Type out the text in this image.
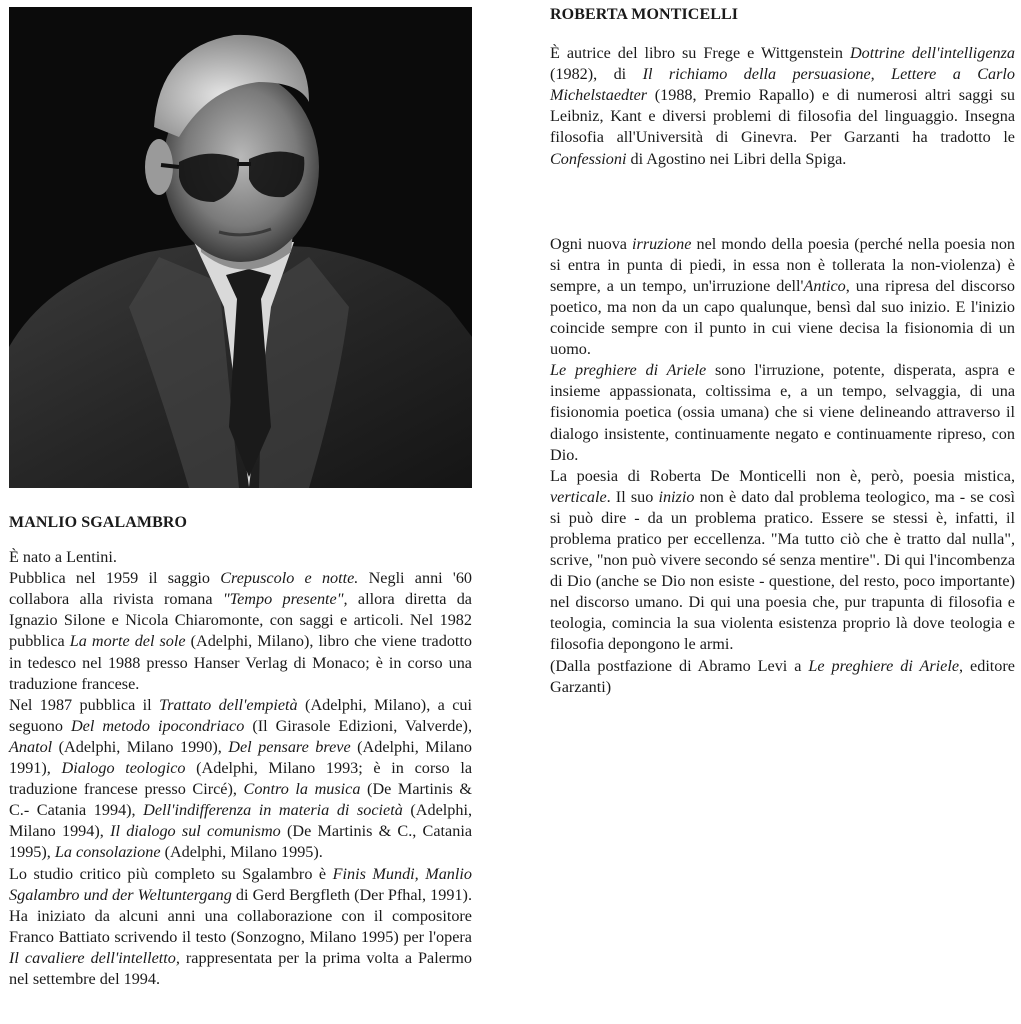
MANLIO SGALAMBRO

È nato a Lentini.

Pubblica nel 1959 il saggio Crepuscolo e notte. Negli anni '60 collabora alla rivista romana "Tempo presente", allora diretta da Ignazio Silone e Nicola Chiaromonte, con saggi e articoli. Nel 1982 pubblica La morte del sole (Adelphi, Milano), libro che viene tradotto in tedesco nel 1988 presso Hanser Verlag di Monaco; è in corso una traduzione francese.

Nel 1987 pubblica il Trattato dell'empietà (Adelphi, Milano), a cui seguono Del metodo ipocondriaco (Il Girasole Edizioni, Valverde), Anatol (Adelphi, Milano 1990), Del pensare breve (Adelphi, Milano 1991), Dialogo teologico (Adelphi, Milano 1993; è in corso la traduzione francese presso Circé), Contro la musica (De Martinis & C.- Catania 1994), Dell'indifferenza in materia di società (Adelphi, Milano 1994), Il dialogo sul comunismo (De Martinis & C., Catania 1995), La consolazione (Adelphi, Milano 1995).

Lo studio critico più completo su Sgalambro è Finis Mundi, Manlio Sgalambro und der Weltuntergang di Gerd Bergfleth (Der Pfhal, 1991). Ha iniziato da alcuni anni una collaborazione con il compositore Franco Battiato scrivendo il testo (Sonzogno, Milano 1995) per l'opera Il cavaliere dell'intelletto, rappresentata per la prima volta a Palermo nel settembre del 1994.

ROBERTA MONTICELLI

È autrice del libro su Frege e Wittgenstein Dottrine dell'intelligenza (1982), di Il richiamo della persuasione, Lettere a Carlo Michelstaedter (1988, Premio Rapallo) e di numerosi altri saggi su Leibniz, Kant e diversi problemi di filosofia del linguaggio. Insegna filosofia all'Università di Ginevra. Per Garzanti ha tradotto le Confessioni di Agostino nei Libri della Spiga.

Ogni nuova irruzione nel mondo della poesia (perché nella poesia non si entra in punta di piedi, in essa non è tollerata la non-violenza) è sempre, a un tempo, un'irruzione dell'Antico, una ripresa del discorso poetico, ma non da un capo qualunque, bensì dal suo inizio. E l'inizio coincide sempre con il punto in cui viene decisa la fisionomia di un uomo.

Le preghiere di Ariele sono l'irruzione, potente, disperata, aspra e insieme appassionata, coltissima e, a un tempo, selvaggia, di una fisionomia poetica (ossia umana) che si viene delineando attraverso il dialogo insistente, continuamente negato e continuamente ripreso, con Dio.

La poesia di Roberta De Monticelli non è, però, poesia mistica, verticale. Il suo inizio non è dato dal problema teologico, ma - se così si può dire - da un problema pratico. Essere se stessi è, infatti, il problema pratico per eccellenza. "Ma tutto ciò che è tratto dal nulla", scrive, "non può vivere secondo sé senza mentire". Di qui l'incombenza di Dio (anche se Dio non esiste - questione, del resto, poco importante) nel discorso umano. Di qui una poesia che, pur trapunta di filosofia e teologia, comincia la sua violenta esistenza proprio là dove teologia e filosofia depongono le armi.

(Dalla postfazione di Abramo Levi a Le preghiere di Ariele, editore Garzanti)
